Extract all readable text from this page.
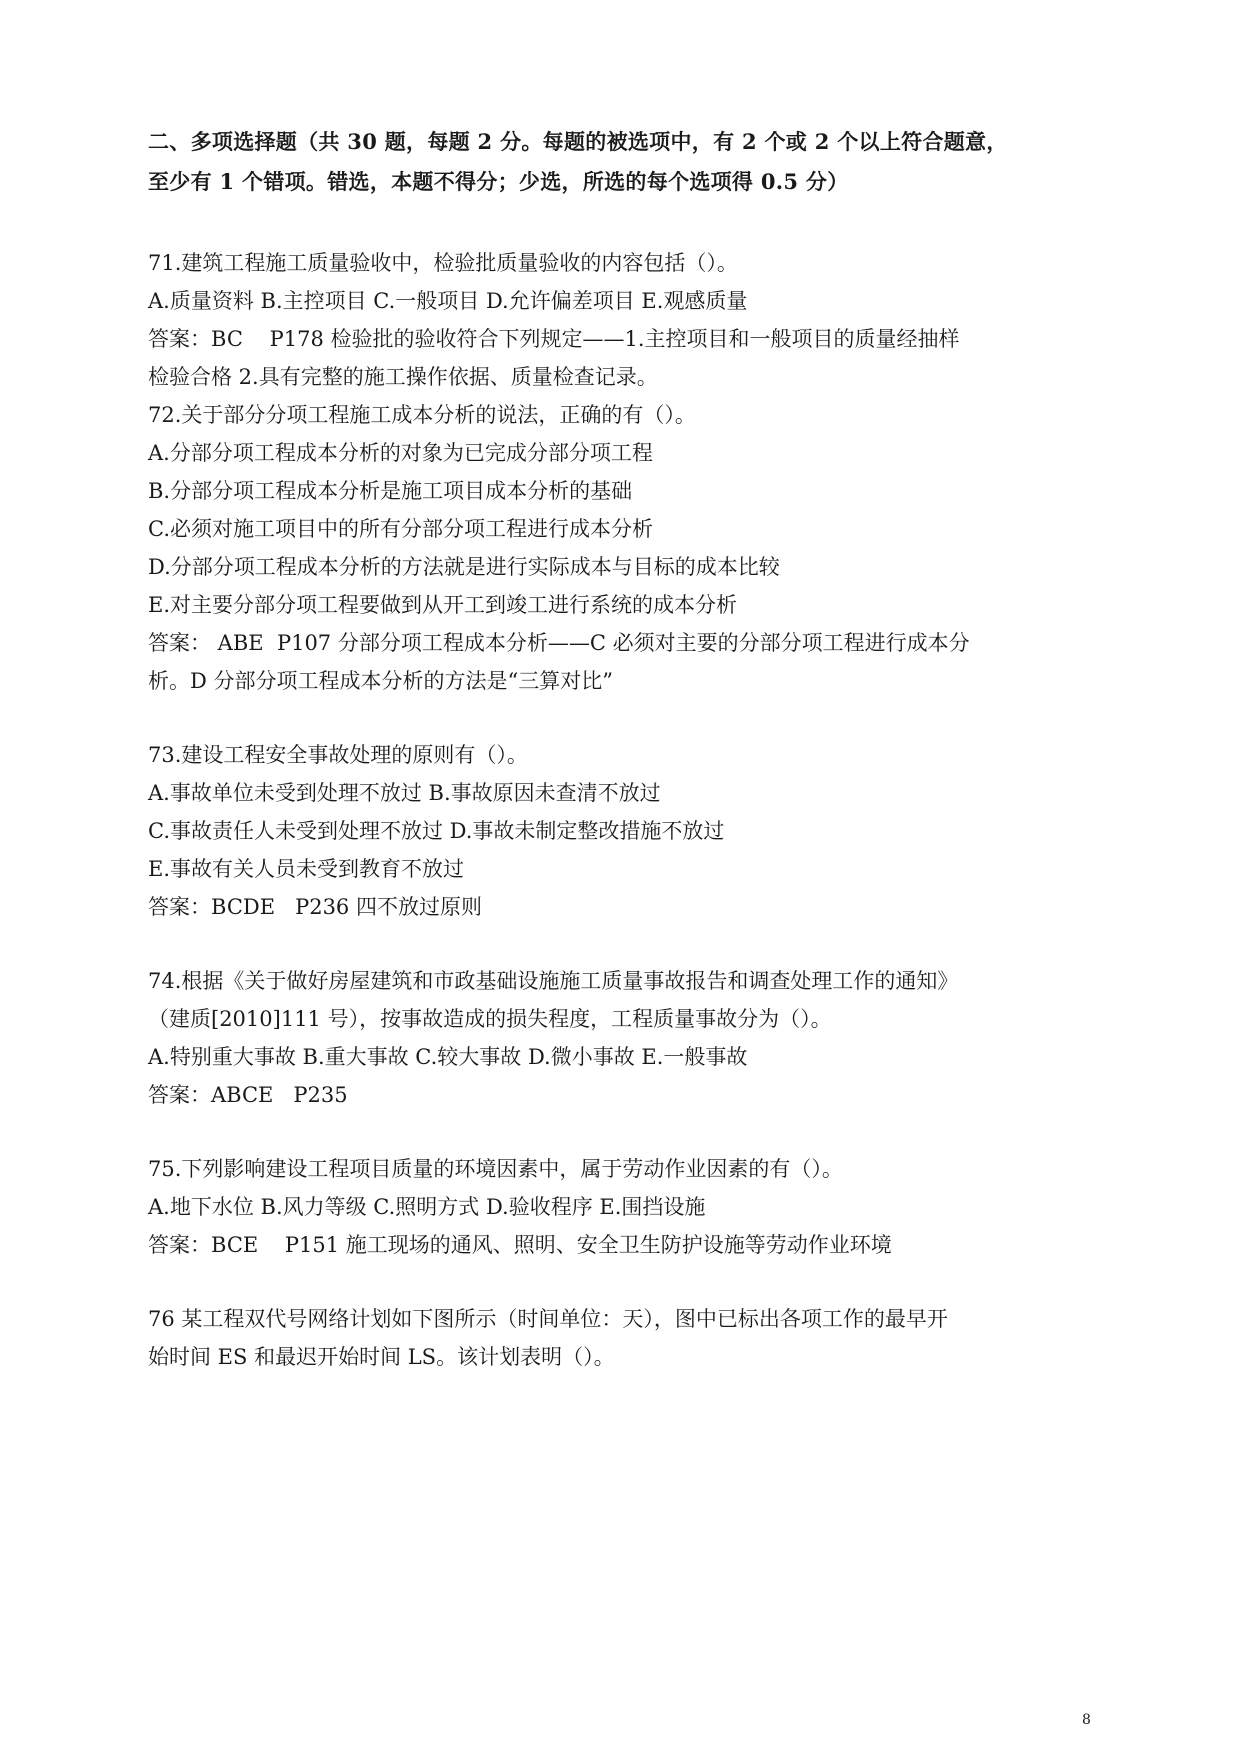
二、多项选择题（共 30 题，每题 2 分。每题的被选项中，有 2 个或 2 个以上符合题意，
至少有 1 个错项。错选，本题不得分；少选，所选的每个选项得 0.5 分）
71.建筑工程施工质量验收中，检验批质量验收的内容包括（）。
A.质量资料 B.主控项目 C.一般项目 D.允许偏差项目 E.观感质量
答案：BC    P178 检验批的验收符合下列规定——1.主控项目和一般项目的质量经抽样
检验合格 2.具有完整的施工操作依据、质量检查记录。
72.关于部分分项工程施工成本分析的说法，正确的有（）。
A.分部分项工程成本分析的对象为已完成分部分项工程
B.分部分项工程成本分析是施工项目成本分析的基础
C.必须对施工项目中的所有分部分项工程进行成本分析
D.分部分项工程成本分析的方法就是进行实际成本与目标的成本比较
E.对主要分部分项工程要做到从开工到竣工进行系统的成本分析
答案： ABE  P107 分部分项工程成本分析——C 必须对主要的分部分项工程进行成本分
析。D 分部分项工程成本分析的方法是“三算对比”
73.建设工程安全事故处理的原则有（）。
A.事故单位未受到处理不放过 B.事故原因未查清不放过
C.事故责任人未受到处理不放过 D.事故未制定整改措施不放过
E.事故有关人员未受到教育不放过
答案：BCDE   P236 四不放过原则
74.根据《关于做好房屋建筑和市政基础设施施工质量事故报告和调查处理工作的通知》
（建质[2010]111 号），按事故造成的损失程度，工程质量事故分为（）。
A.特别重大事故 B.重大事故 C.较大事故 D.微小事故 E.一般事故
答案：ABCE   P235
75.下列影响建设工程项目质量的环境因素中，属于劳动作业因素的有（）。
A.地下水位 B.风力等级 C.照明方式 D.验收程序 E.围挡设施
答案：BCE    P151 施工现场的通风、照明、安全卫生防护设施等劳动作业环境
76 某工程双代号网络计划如下图所示（时间单位：天），图中已标出各项工作的最早开
始时间 ES 和最迟开始时间 LS。该计划表明（）。
8
